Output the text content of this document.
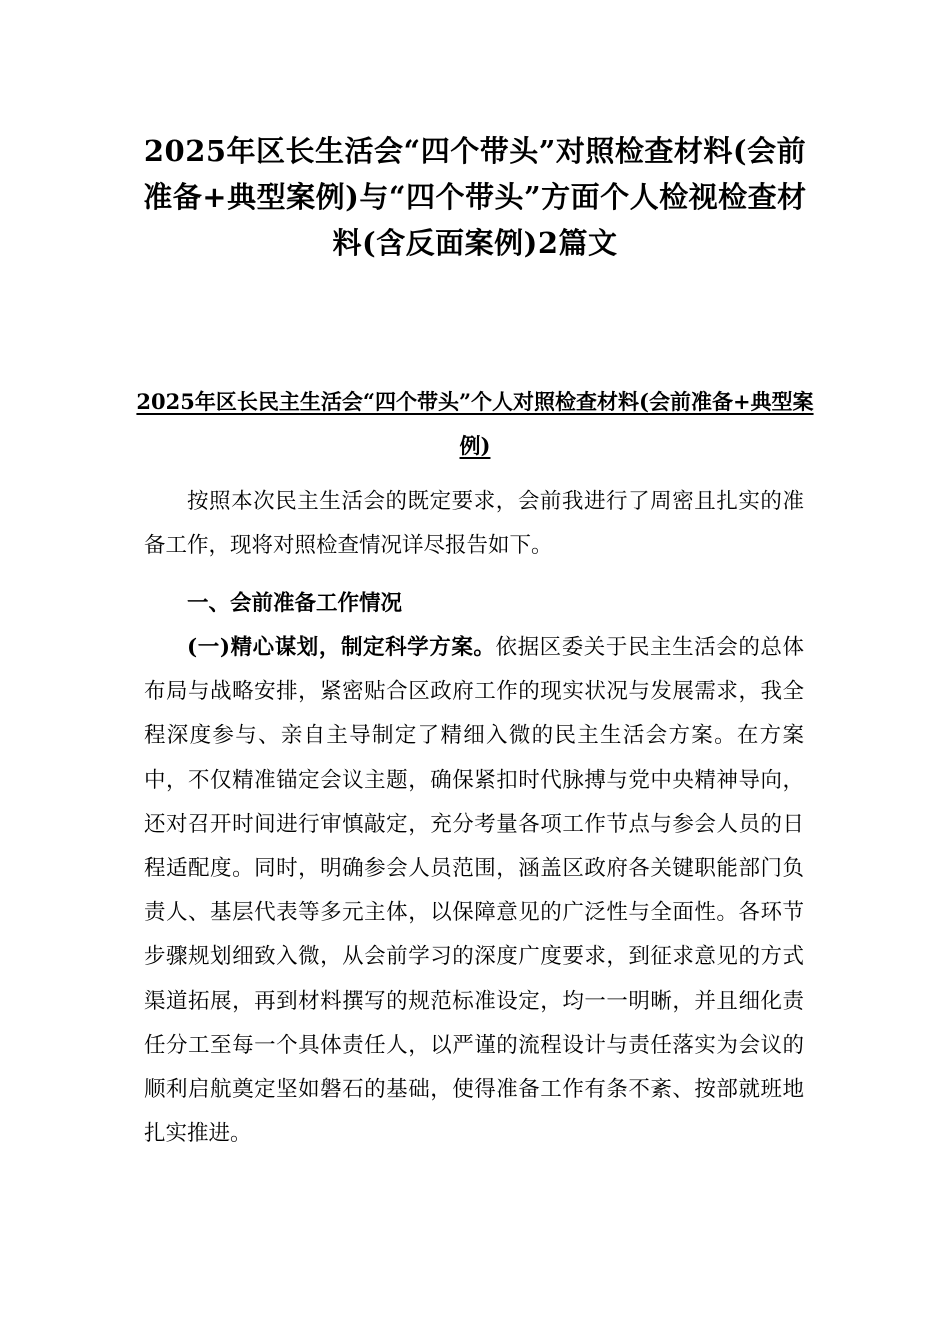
2025年区长生活会“四个带头”对照检查材料(会前准备+典型案例)与“四个带头”方面个人检视检查材料(含反面案例)2篇文
2025年区长民主生活会“四个带头”个人对照检查材料(会前准备+典型案例)

按照本次民主生活会的既定要求，会前我进行了周密且扎实的准备工作，现将对照检查情况详尽报告如下。

一、会前准备工作情况

(一)精心谋划，制定科学方案。依据区委关于民主生活会的总体布局与战略安排，紧密贴合区政府工作的现实状况与发展需求，我全程深度参与、亲自主导制定了精细入微的民主生活会方案。在方案中，不仅精准锚定会议主题，确保紧扣时代脉搏与党中央精神导向，还对召开时间进行审慎敲定，充分考量各项工作节点与参会人员的日程适配度。同时，明确参会人员范围，涵盖区政府各关键职能部门负责人、基层代表等多元主体，以保障意见的广泛性与全面性。各环节步骤规划细致入微，从会前学习的深度广度要求，到征求意见的方式渠道拓展，再到材料撰写的规范标准设定，均一一明晰，并且细化责任分工至每一个具体责任人，以严谨的流程设计与责任落实为会议的顺利启航奠定坚如磐石的基础，使得准备工作有条不紊、按部就班地扎实推进。
